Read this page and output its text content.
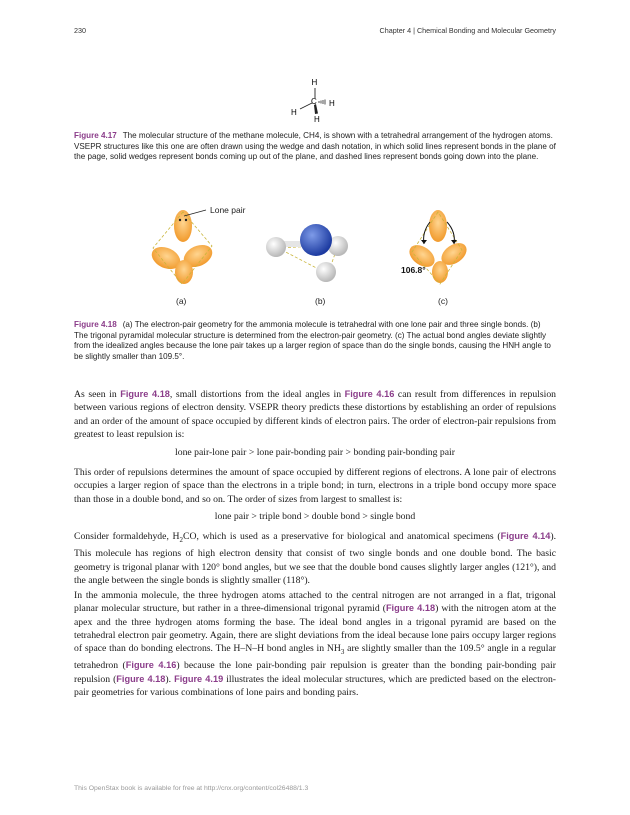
230	Chapter 4 | Chemical Bonding and Molecular Geometry
H
C
H
H
H
Figure 4.17 The molecular structure of the methane molecule, CH4, is shown with a tetrahedral arrangement of the hydrogen atoms. VSEPR structures like this one are often drawn using the wedge and dash notation, in which solid lines represent bonds in the plane of the page, solid wedges represent bonds coming up out of the plane, and dashed lines represent bonds going down into the plane.
Lone pair
106.8°
(a)	(b)	(c)
Figure 4.18 (a) The electron-pair geometry for the ammonia molecule is tetrahedral with one lone pair and three single bonds. (b) The trigonal pyramidal molecular structure is determined from the electron-pair geometry. (c) The actual bond angles deviate slightly from the idealized angles because the lone pair takes up a larger region of space than do the single bonds, causing the HNH angle to be slightly smaller than 109.5°.

As seen in Figure 4.18, small distortions from the ideal angles in Figure 4.16 can result from differences in repulsion between various regions of electron density. VSEPR theory predicts these distortions by establishing an order of repulsions and an order of the amount of space occupied by different kinds of electron pairs. The order of electron-pair repulsions from greatest to least repulsion is:

lone pair-lone pair > lone pair-bonding pair > bonding pair-bonding pair

This order of repulsions determines the amount of space occupied by different regions of electrons. A lone pair of electrons occupies a larger region of space than the electrons in a triple bond; in turn, electrons in a triple bond occupy more space than those in a double bond, and so on. The order of sizes from largest to smallest is:

lone pair > triple bond > double bond > single bond

Consider formaldehyde, $H_2CO$, which is used as a preservative for biological and anatomical specimens (Figure 4.14). This molecule has regions of high electron density that consist of two single bonds and one double bond. The basic geometry is trigonal planar with 120° bond angles, but we see that the double bond causes slightly larger angles (121°), and the angle between the single bonds is slightly smaller (118°).

In the ammonia molecule, the three hydrogen atoms attached to the central nitrogen are not arranged in a flat, trigonal planar molecular structure, but rather in a three-dimensional trigonal pyramid (Figure 4.18) with the nitrogen atom at the apex and the three hydrogen atoms forming the base. The ideal bond angles in a trigonal pyramid are based on the tetrahedral electron pair geometry. Again, there are slight deviations from the ideal because lone pairs occupy larger regions of space than do bonding electrons. The H–N–H bond angles in $NH_3$ are slightly smaller than the 109.5° angle in a regular tetrahedron (Figure 4.16) because the lone pair-bonding pair repulsion is greater than the bonding pair-bonding pair repulsion (Figure 4.18). Figure 4.19 illustrates the ideal molecular structures, which are predicted based on the electron-pair geometries for various combinations of lone pairs and bonding pairs.

This OpenStax book is available for free at http://cnx.org/content/col26488/1.3
